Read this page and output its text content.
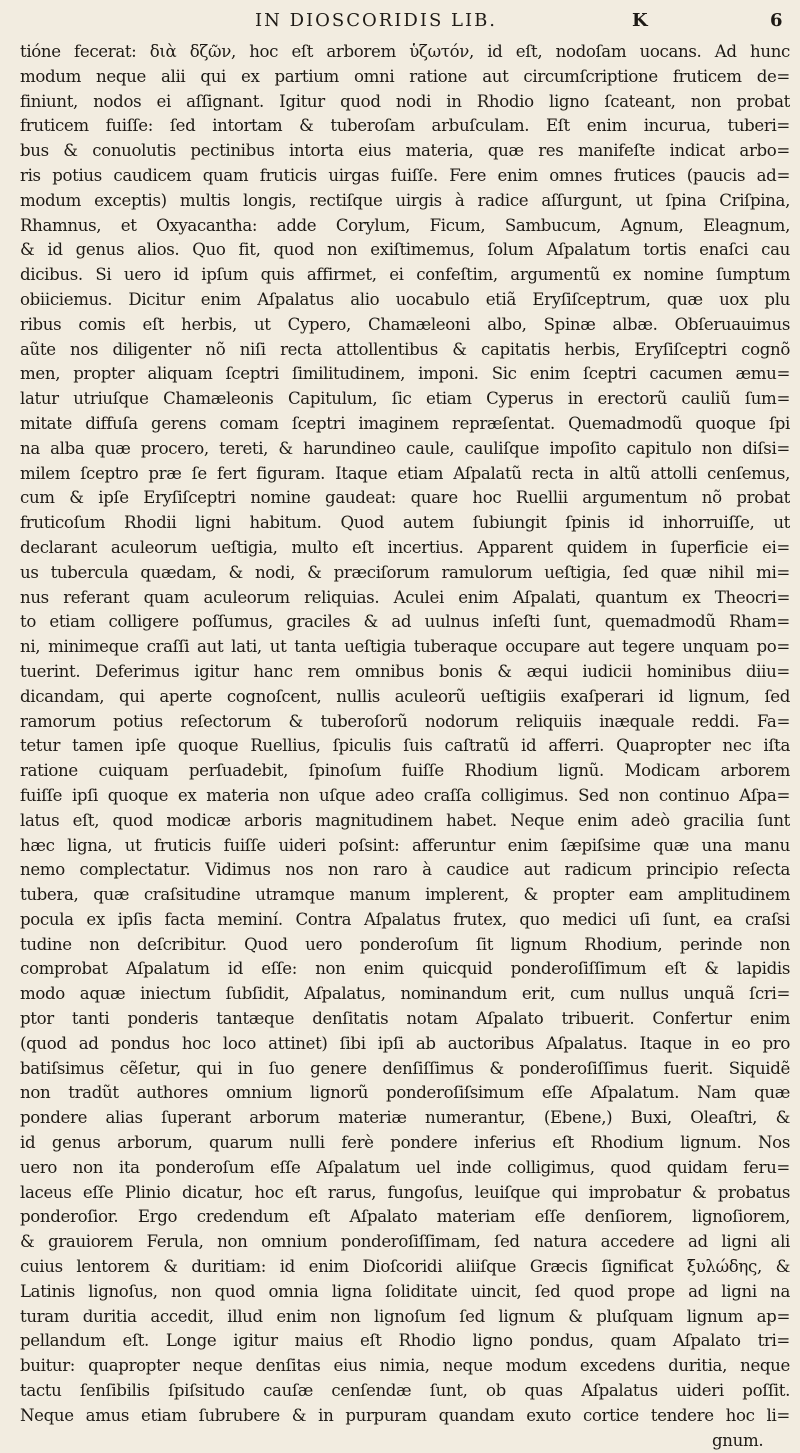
IN DIOSCORIDIS LIB.	K	6
tióne fecerat: διὰ δζῶν, hoc eſt arborem ὑζωτόν, id eſt, nodoſam uocans. Ad hunc
modum neque alii qui ex partium omni ratione aut circumſcriptione fruticem de=
finiunt, nodos ei aſſignant. Igitur quod nodi in Rhodio ligno ſcateant, non probat
fruticem fuiſſe: ſed intortam & tuberoſam arbuſculam. Eſt enim incurua, tuberi=
bus & conuolutis pectinibus intorta eius materia, quæ res manifeſte indicat arbo=
ris potius caudicem quam fruticis uirgas fuiſſe. Fere enim omnes frutices (paucis ad=
modum exceptis) multis longis, rectiſque uirgis à radice aſſurgunt, ut ſpina Criſpina,
Rhamnus, et Oxyacantha: adde Corylum, Ficum, Sambucum, Agnum, Eleagnum,
& id genus alios. Quo fit, quod non exiſtimemus, ſolum Aſpalatum tortis enaſci cau
dicibus. Si uero id ipſum quis affirmet, ei confeſtim, argumentũ ex nomine ſumptum
obiiciemus. Dicitur enim Aſpalatus alio uocabulo etiã Eryſiſceptrum, quæ uox plu
ribus comis eſt herbis, ut Cypero, Chamæleoni albo, Spinæ albæ. Obſeruauimus
aũte nos diligenter nõ niſi recta attollentibus & capitatis herbis, Eryſiſceptri cognõ
men, propter aliquam ſceptri ſimilitudinem, imponi. Sic enim ſceptri cacumen æmu=
latur utriuſque Chamæleonis Capitulum, ſic etiam Cyperus in erectorũ cauliũ ſum=
mitate diffuſa gerens comam ſceptri imaginem repræſentat. Quemadmodũ quoque ſpi
na alba quæ procero, tereti, & harundineo caule, cauliſque impoſito capitulo non diſsi=
milem ſceptro præ ſe fert figuram. Itaque etiam Aſpalatũ recta in altũ attolli cenſemus,
cum & ipſe Eryſiſceptri nomine gaudeat: quare hoc Ruellii argumentum nõ probat
fruticoſum Rhodii ligni habitum. Quod autem ſubiungit ſpinis id inhorruiſſe, ut
declarant aculeorum ueſtigia, multo eſt incertius. Apparent quidem in ſuperficie ei=
us tubercula quædam, & nodi, & præciſorum ramulorum ueſtigia, ſed quæ nihil mi=
nus referant quam aculeorum reliquias. Aculei enim Aſpalati, quantum ex Theocri=
to etiam colligere poſſumus, graciles & ad uulnus inſeſti ſunt, quemadmodũ Rham=
ni, minimeque craſſi aut lati, ut tanta ueſtigia tuberaque occupare aut tegere unquam po=
tuerint. Deferimus igitur hanc rem omnibus bonis & æqui iudicii hominibus diiu=
dicandam, qui aperte cognoſcent, nullis aculeorũ ueſtigiis exaſperari id lignum, ſed
ramorum potius reſectorum & tuberoſorũ nodorum reliquiis inæquale reddi. Fa=
tetur tamen ipſe quoque Ruellius, ſpiculis ſuis caſtratũ id afferri. Quapropter nec iſta
ratione cuiquam perſuadebit, ſpinoſum fuiſſe Rhodium lignũ. Modicam arborem
fuiſſe ipſi quoque ex materia non uſque adeo craſſa colligimus. Sed non continuo Aſpa=
latus eſt, quod modicæ arboris magnitudinem habet. Neque enim adeò gracilia ſunt
hæc ligna, ut fruticis fuiſſe uideri poſsint: afferuntur enim ſæpiſsime quæ una manu
nemo complectatur. Vidimus nos non raro à caudice aut radicum principio reſecta
tubera, quæ craſsitudine utramque manum implerent, & propter eam amplitudinem
pocula ex ipſis facta meminí. Contra Aſpalatus frutex, quo medici uſi ſunt, ea craſsi
tudine non deſcribitur. Quod uero ponderoſum ſit lignum Rhodium, perinde non
comprobat Aſpalatum id eſſe: non enim quicquid ponderoſiſſimum eſt & lapidis
modo aquæ iniectum ſubſidit, Aſpalatus, nominandum erit, cum nullus unquã ſcri=
ptor tanti ponderis tantæque denſitatis notam Aſpalato tribuerit. Confertur enim
(quod ad pondus hoc loco attinet) ſibi ipſi ab auctoribus Aſpalatus. Itaque in eo pro
batiſsimus cẽſetur, qui in ſuo genere denſiſſimus & ponderoſiſſimus fuerit. Siquidẽ
non tradũt authores omnium lignorũ ponderoſiſsimum eſſe Aſpalatum. Nam quæ
pondere alias ſuperant arborum materiæ numerantur, (Ebene,) Buxi, Oleaſtri, &
id genus arborum, quarum nulli ferè pondere inferius eſt Rhodium lignum. Nos
uero non ita ponderoſum eſſe Aſpalatum uel inde colligimus, quod quidam feru=
laceus eſſe Plinio dicatur, hoc eſt rarus, fungoſus, leuiſque qui improbatur & probatus
ponderoſior. Ergo credendum eſt Aſpalato materiam eſſe denſiorem, lignoſiorem,
& grauiorem Ferula, non omnium ponderoſiſſimam, ſed natura accedere ad ligni ali
cuius lentorem & duritiam: id enim Dioſcoridi aliiſque Græcis ſignificat ξυλώδης, &
Latinis lignoſus, non quod omnia ligna ſoliditate uincit, ſed quod prope ad ligni na
turam duritia accedit, illud enim non lignoſum ſed lignum & pluſquam lignum ap=
pellandum eſt. Longe igitur maius eſt Rhodio ligno pondus, quam Aſpalato tri=
buitur: quapropter neque denſitas eius nimia, neque modum excedens duritia, neque
tactu ſenſibilis ſpiſsitudo cauſæ cenſendæ ſunt, ob quas Aſpalatus uideri poſſit.
Neque amus etiam ſubrubere & in purpuram quandam exuto cortice tendere hoc li=
gnum.
